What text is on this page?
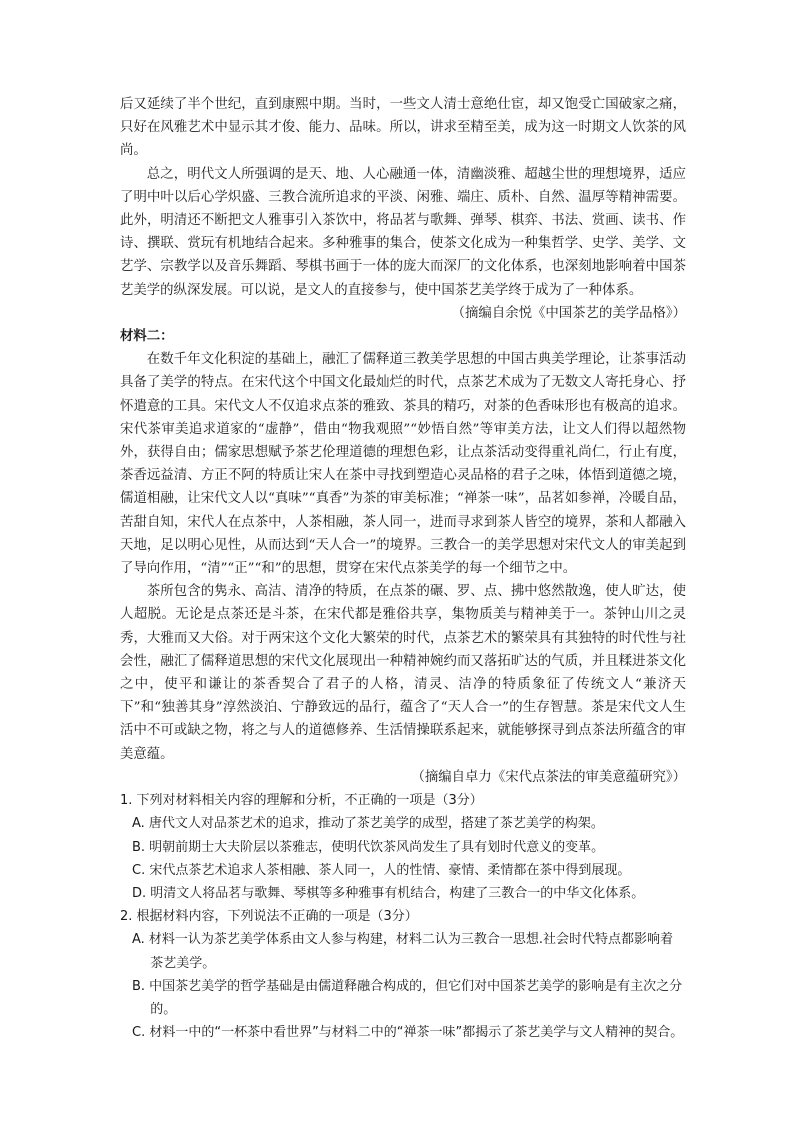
后又延续了半个世纪，直到康熙中期。当时，一些文人清士意绝仕宦，却又饱受亡国破家之痛，只好在风雅艺术中显示其才俊、能力、品味。所以，讲求至精至美，成为这一时期文人饮茶的风尚。

总之，明代文人所强调的是天、地、人心融通一体，清幽淡雅、超越尘世的理想境界，适应了明中叶以后心学炽盛、三教合流所追求的平淡、闲雅、端庄、质朴、自然、温厚等精神需要。此外，明清还不断把文人雅事引入茶饮中，将品茗与歌舞、弹琴、棋弈、书法、赏画、读书、作诗、撰联、赏玩有机地结合起来。多种雅事的集合，使茶文化成为一种集哲学、史学、美学、文艺学、宗教学以及音乐舞蹈、琴棋书画于一体的庞大而深厂的文化体系，也深刻地影响着中国茶艺美学的纵深发展。可以说，是文人的直接参与，使中国茶艺美学终于成为了一种体系。

（摘编自余悦《中国茶艺的美学品格》）

材料二：

在数千年文化积淀的基础上，融汇了儒释道三教美学思想的中国古典美学理论，让茶事活动具备了美学的特点。在宋代这个中国文化最灿烂的时代，点茶艺术成为了无数文人寄托身心、抒怀遣意的工具。宋代文人不仅追求点茶的雅致、茶具的精巧，对茶的色香味形也有极高的追求。宋代茶审美追求道家的“虚静”，借由“物我观照”“妙悟自然”等审美方法，让文人们得以超然物外，获得自由；儒家思想赋予茶艺伦理道德的理想色彩，让点茶活动变得重礼尚仁，行止有度，茶香远益清、方正不阿的特质让宋人在茶中寻找到塑造心灵品格的君子之味，体悟到道德之境，儒道相融，让宋代文人以“真味”“真香”为茶的审美标准；“禅茶一味”，品茗如参禅，冷暖自品，苦甜自知，宋代人在点茶中，人茶相融，茶人同一，进而寻求到茶人皆空的境界，茶和人都融入天地，足以明心见性，从而达到“天人合一”的境界。三教合一的美学思想对宋代文人的审美起到了导向作用，“清”“正”“和”的思想，贯穿在宋代点茶美学的每一个细节之中。

茶所包含的隽永、高洁、清净的特质，在点茶的碾、罗、点、拂中悠然散逸，使人旷达，使人超脱。无论是点茶还是斗茶，在宋代都是雅俗共享，集物质美与精神美于一。茶钟山川之灵秀，大雅而又大俗。对于两宋这个文化大繁荣的时代，点茶艺术的繁荣具有其独特的时代性与社会性，融汇了儒释道思想的宋代文化展现出一种精神婉约而又落拓旷达的气质，并且糅进茶文化之中，使平和谦让的茶香契合了君子的人格，清灵、洁净的特质象征了传统文人“兼济天下”和“独善其身”淳然淡泊、宁静致远的品行，蕴含了“天人合一”的生存智慧。茶是宋代文人生活中不可或缺之物，将之与人的道德修养、生活情操联系起来，就能够探寻到点茶法所蕴含的审美意蕴。

（摘编自卓力《宋代点茶法的审美意蕴研究》）

1. 下列对材料相关内容的理解和分析，不正确的一项是（3分）

A. 唐代文人对品茶艺术的追求，推动了茶艺美学的成型，搭建了茶艺美学的构架。

B. 明朝前期士大夫阶层以茶雅志，使明代饮茶风尚发生了具有划时代意义的变革。

C. 宋代点茶艺术追求人茶相融、茶人同一，人的性情、豪情、柔情都在茶中得到展现。

D. 明清文人将品茗与歌舞、琴棋等多种雅事有机结合，构建了三教合一的中华文化体系。

2. 根据材料内容，下列说法不正确的一项是（3分）

A. 材料一认为茶艺美学体系由文人参与构建，材料二认为三教合一思想.社会时代特点都影响着茶艺美学。

B. 中国茶艺美学的哲学基础是由儒道释融合构成的，但它们对中国茶艺美学的影响是有主次之分的。

C. 材料一中的“一杯茶中看世界”与材料二中的“禅茶一味”都揭示了茶艺美学与文人精神的契合。
